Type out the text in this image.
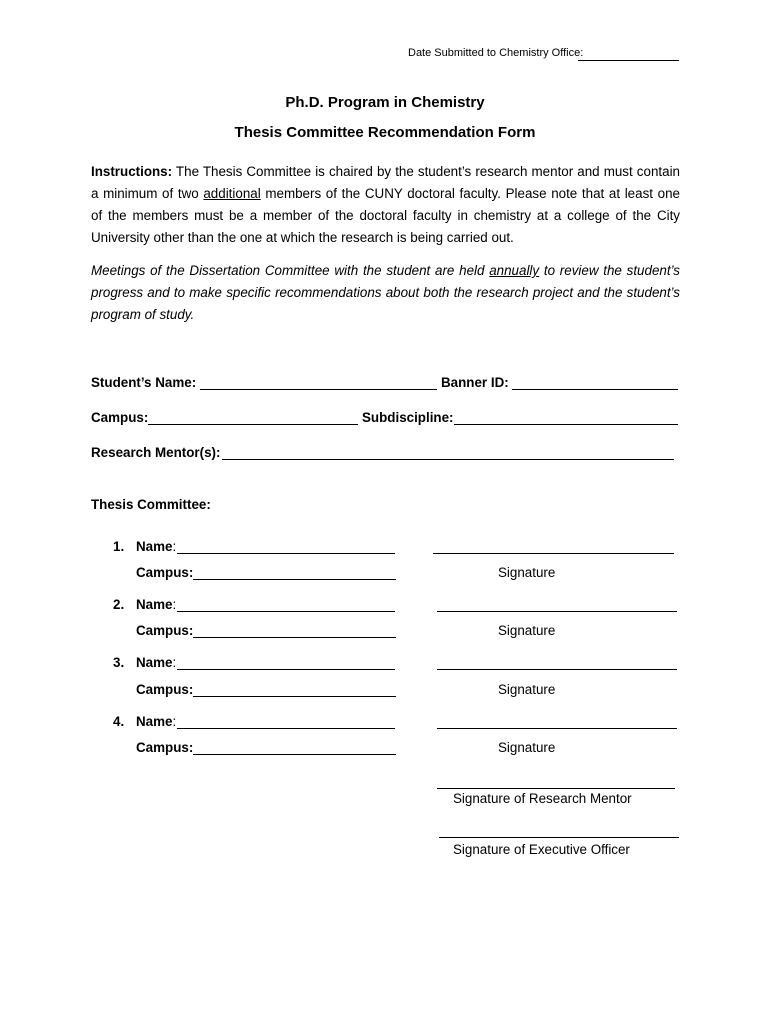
Date Submitted to Chemistry Office:
Ph.D. Program in Chemistry
Thesis Committee Recommendation Form
Instructions: The Thesis Committee is chaired by the student’s research mentor and must contain a minimum of two additional members of the CUNY doctoral faculty. Please note that at least one of the members must be a member of the doctoral faculty in chemistry at a college of the City University other than the one at which the research is being carried out.
Meetings of the Dissertation Committee with the student are held annually to review the student’s progress and to make specific recommendations about both the research project and the student’s program of study.
Student’s Name:	Banner ID:
Campus:	Subdiscipline:
Research Mentor(s):
Thesis Committee:
1. Name:
Campus:	Signature
2. Name:
Campus:	Signature
3. Name:
Campus:	Signature
4. Name:
Campus:	Signature
Signature of Research Mentor
Signature of Executive Officer
